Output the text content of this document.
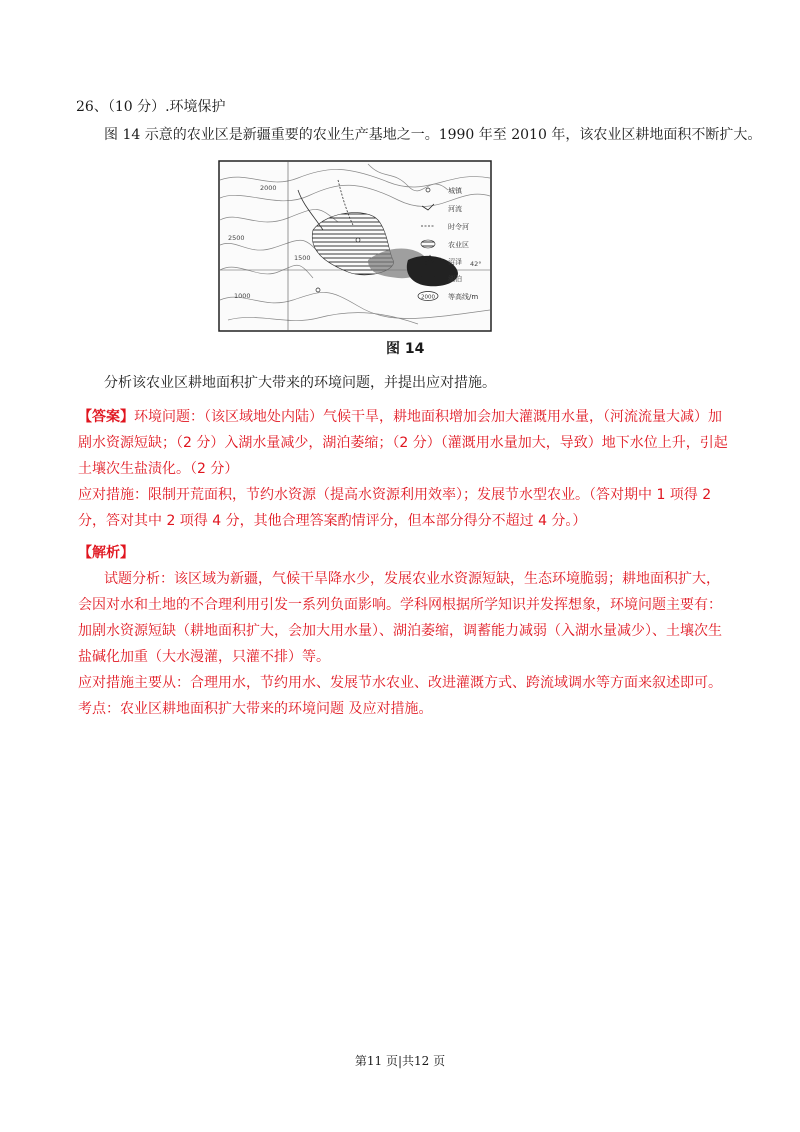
26、（10 分）.环境保护
图 14 示意的农业区是新疆重要的农业生产基地之一。1990 年至 2010 年，该农业区耕地面积不断扩大。
2000
2500
1500
1000
42°
城镇
河流
时令河
农业区
沼泽
湖泊
2000 等高线/m
图 14
分析该农业区耕地面积扩大带来的环境问题，并提出应对措施。

【答案】环境问题：（该区域地处内陆）气候干旱，耕地面积增加会加大灌溉用水量，（河流流量大减）加剧水资源短缺；（2 分）入湖水量减少，湖泊萎缩；（2 分）（灌溉用水量加大，导致）地下水位上升，引起土壤次生盐渍化。（2 分）

应对措施：限制开荒面积，节约水资源（提高水资源利用效率）；发展节水型农业。（答对期中 1 项得 2 分，答对其中 2 项得 4 分，其他合理答案酌情评分，但本部分得分不超过 4 分。）

【解析】

试题分析：该区域为新疆，气候干旱降水少，发展农业水资源短缺，生态环境脆弱；耕地面积扩大，会因对水和土地的不合理利用引发一系列负面影响。学科网根据所学知识并发挥想象，环境问题主要有：加剧水资源短缺（耕地面积扩大，会加大用水量）、湖泊萎缩，调蓄能力减弱（入湖水量减少）、土壤次生盐碱化加重（大水漫灌，只灌不排）等。

应对措施主要从：合理用水，节约用水、发展节水农业、改进灌溉方式、跨流域调水等方面来叙述即可。

考点：农业区耕地面积扩大带来的环境问题 及应对措施。

第11 页|共12 页
